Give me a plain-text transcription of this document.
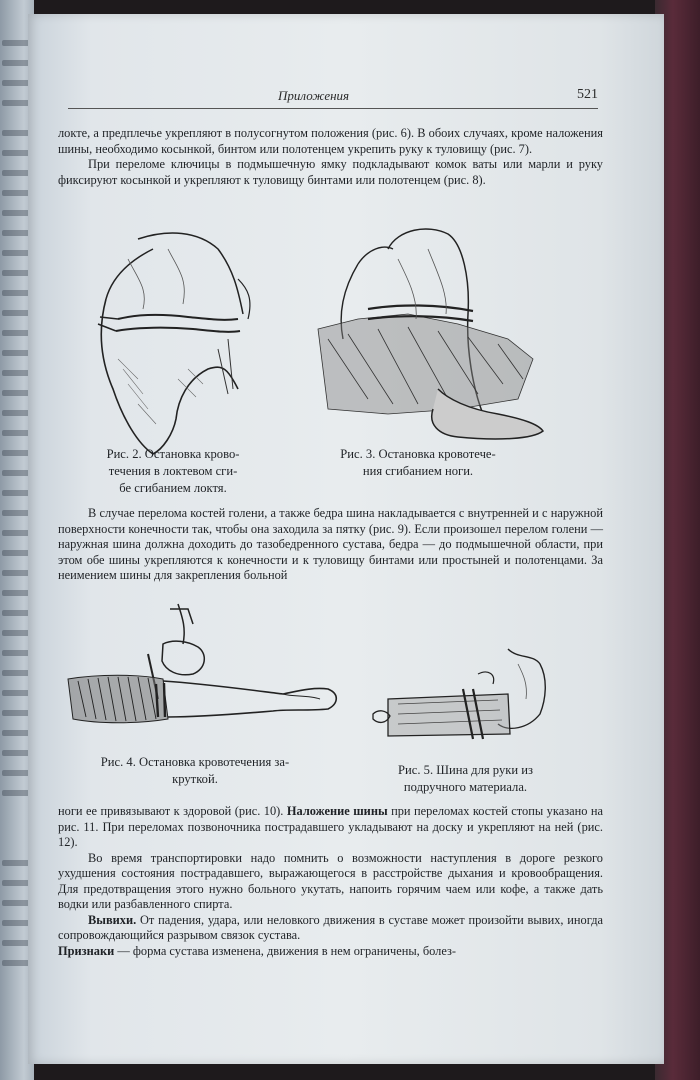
Приложения	521

локте, а предплечье укрепляют в полусогнутом положения (рис. 6). В обоих случаях, кроме наложения шины, необходимо косынкой, бинтом или полотенцем укрепить руку к туловищу (рис. 7).

При переломе ключицы в подмышечную ямку подкладывают комок ваты или марли и руку фиксируют косынкой и укрепляют к туловищу бинтами или полотенцем (рис. 8).

Рис. 2. Остановка крово-
течения в локтевом сги-
бе сгибанием локтя.
Рис. 3. Остановка кровотече-
ния сгибанием ноги.

В случае перелома костей голени, а также бедра шина накладывается с внутренней и с наружной поверхности конечности так, чтобы она заходила за пятку (рис. 9). Если произошел перелом голени — наружная шина должна доходить до тазобедренного сустава, бедра — до подмышечной области, при этом обе шины укрепляются к конечности и к туловищу бинтами или простыней и полотенцами. За неимением шины для закрепления больной

Рис. 4. Остановка кровотечения за-
круткой.
Рис. 5. Шина для руки из
подручного материала.

ноги ее привязывают к здоровой (рис. 10). Наложение шины при переломах костей стопы указано на рис. 11. При переломах позвоночника пострадавшего укладывают на доску и укрепляют на ней (рис. 12).

Во время транспортировки надо помнить о возможности наступления в дороге резкого ухудшения состояния пострадавшего, выражающегося в расстройстве дыхания и кровообращения. Для предотвращения этого нужно больного укутать, напоить горячим чаем или кофе, а также дать водки или разбавленного спирта.

Вывихи. От падения, удара, или неловкого движения в суставе может произойти вывих, иногда сопровождающийся разрывом связок сустава.

Признаки — форма сустава изменена, движения в нем ограничены, болез-
